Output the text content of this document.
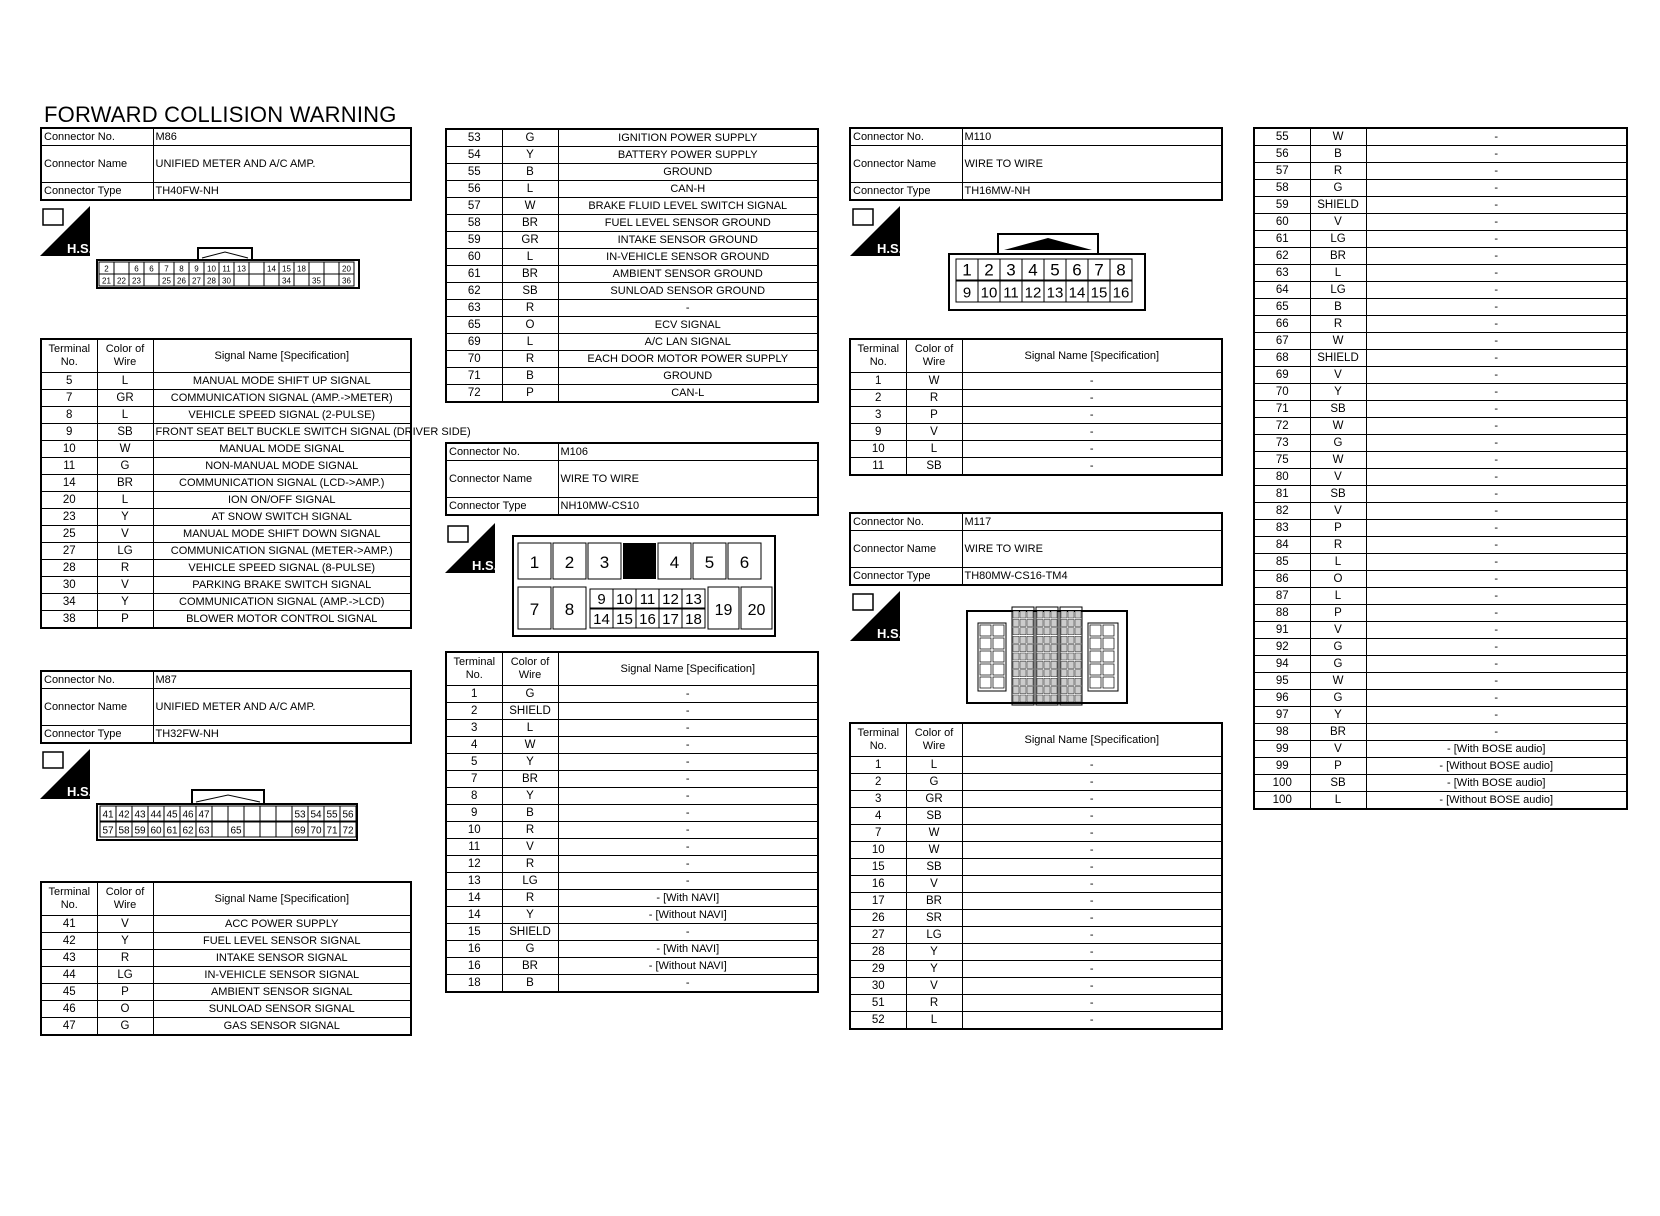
FORWARD COLLISION WARNING
Connector No.	M86
Connector Name	UNIFIED METER AND A/C AMP.
Connector Type	TH40FW-NH
H.S.
2	6 6 7 8 9 10 11 13	14 15 18	20
21 22 23	25 26 27 28 30	34	35	36
Terminal No.	Color of Wire	Signal Name [Specification]
5	L	MANUAL MODE SHIFT UP SIGNAL
7	GR	COMMUNICATION SIGNAL (AMP.->METER)
8	L	VEHICLE SPEED SIGNAL (2-PULSE)
9	SB	FRONT SEAT BELT BUCKLE SWITCH SIGNAL (DRIVER SIDE)
10	W	MANUAL MODE SIGNAL
11	G	NON-MANUAL MODE SIGNAL
14	BR	COMMUNICATION SIGNAL (LCD->AMP.)
20	L	ION ON/OFF SIGNAL
23	Y	AT SNOW SWITCH SIGNAL
25	V	MANUAL MODE SHIFT DOWN SIGNAL
27	LG	COMMUNICATION SIGNAL (METER->AMP.)
28	R	VEHICLE SPEED SIGNAL (8-PULSE)
30	V	PARKING BRAKE SWITCH SIGNAL
34	Y	COMMUNICATION SIGNAL (AMP.->LCD)
38	P	BLOWER MOTOR CONTROL SIGNAL
Connector No.	M87
Connector Name	UNIFIED METER AND A/C AMP.
Connector Type	TH32FW-NH
H.S.
41 42 43 44 45 46 47	53 54 55 56
57 58 59 60 61 62 63 65	69 70 71 72
Terminal No.	Color of Wire	Signal Name [Specification]
41	V	ACC POWER SUPPLY
42	Y	FUEL LEVEL SENSOR SIGNAL
43	R	INTAKE SENSOR SIGNAL
44	LG	IN-VEHICLE SENSOR SIGNAL
45	P	AMBIENT SENSOR SIGNAL
46	O	SUNLOAD SENSOR SIGNAL
47	G	GAS SENSOR SIGNAL
53	G	IGNITION POWER SUPPLY
54	Y	BATTERY POWER SUPPLY
55	B	GROUND
56	L	CAN-H
57	W	BRAKE FLUID LEVEL SWITCH SIGNAL
58	BR	FUEL LEVEL SENSOR GROUND
59	GR	INTAKE SENSOR GROUND
60	L	IN-VEHICLE SENSOR GROUND
61	BR	AMBIENT SENSOR GROUND
62	SB	SUNLOAD SENSOR GROUND
63	R	-
65	O	ECV SIGNAL
69	L	A/C LAN SIGNAL
70	R	EACH DOOR MOTOR POWER SUPPLY
71	B	GROUND
72	P	CAN-L
Connector No.	M106
Connector Name	WIRE TO WIRE
Connector Type	NH10MW-CS10
H.S. 1 2 3	4 5 6
7 8
9 10 11 12 13
14 15 16 17 18
19 20
Terminal No.	Color of Wire	Signal Name [Specification]
1	G	-
2	SHIELD	-
3	L	-
4	W	-
5	Y	-
7	BR	-
8	Y	-
9	B	-
10	R	-
11	V	-
12	R	-
13	LG	-
14	R	- [With NAVI]
14	Y	- [Without NAVI]
15	SHIELD	-
16	G	- [With NAVI]
16	BR	- [Without NAVI]
18	B	-
Connector No.	M110
Connector Name	WIRE TO WIRE
Connector Type	TH16MW-NH
H.S.
1 2 3 4 5 6 7 8
9 10 11 12 13 14 15 16
Terminal No.	Color of Wire	Signal Name [Specification]
1	W	-
2	R	-
3	P	-
9	V	-
10	L	-
11	SB	-
Connector No.	M117
Connector Name	WIRE TO WIRE
Connector Type	TH80MW-CS16-TM4
H.S.
Terminal No.	Color of Wire	Signal Name [Specification]
1	L	-
2	G	-
3	GR	-
4	SB	-
7	W	-
10	W	-
15	SB	-
16	V	-
17	BR	-
26	SR	-
27	LG	-
28	Y	-
29	Y	-
30	V	-
51	R	-
52	L	-
55	W	-
56	B	-
57	R	-
58	G	-
59	SHIELD	-
60	V	-
61	LG	-
62	BR	-
63	L	-
64	LG	-
65	B	-
66	R	-
67	W	-
68	SHIELD	-
69	V	-
70	Y	-
71	SB	-
72	W	-
73	G	-
75	W	-
80	V	-
81	SB	-
82	V	-
83	P	-
84	R	-
85	L	-
86	O	-
87	L	-
88	P	-
91	V	-
92	G	-
94	G	-
95	W	-
96	G	-
97	Y	-
98	BR	-
99	V	- [With BOSE audio]
99	P	- [Without BOSE audio]
100	SB	- [With BOSE audio]
100	L	- [Without BOSE audio]
